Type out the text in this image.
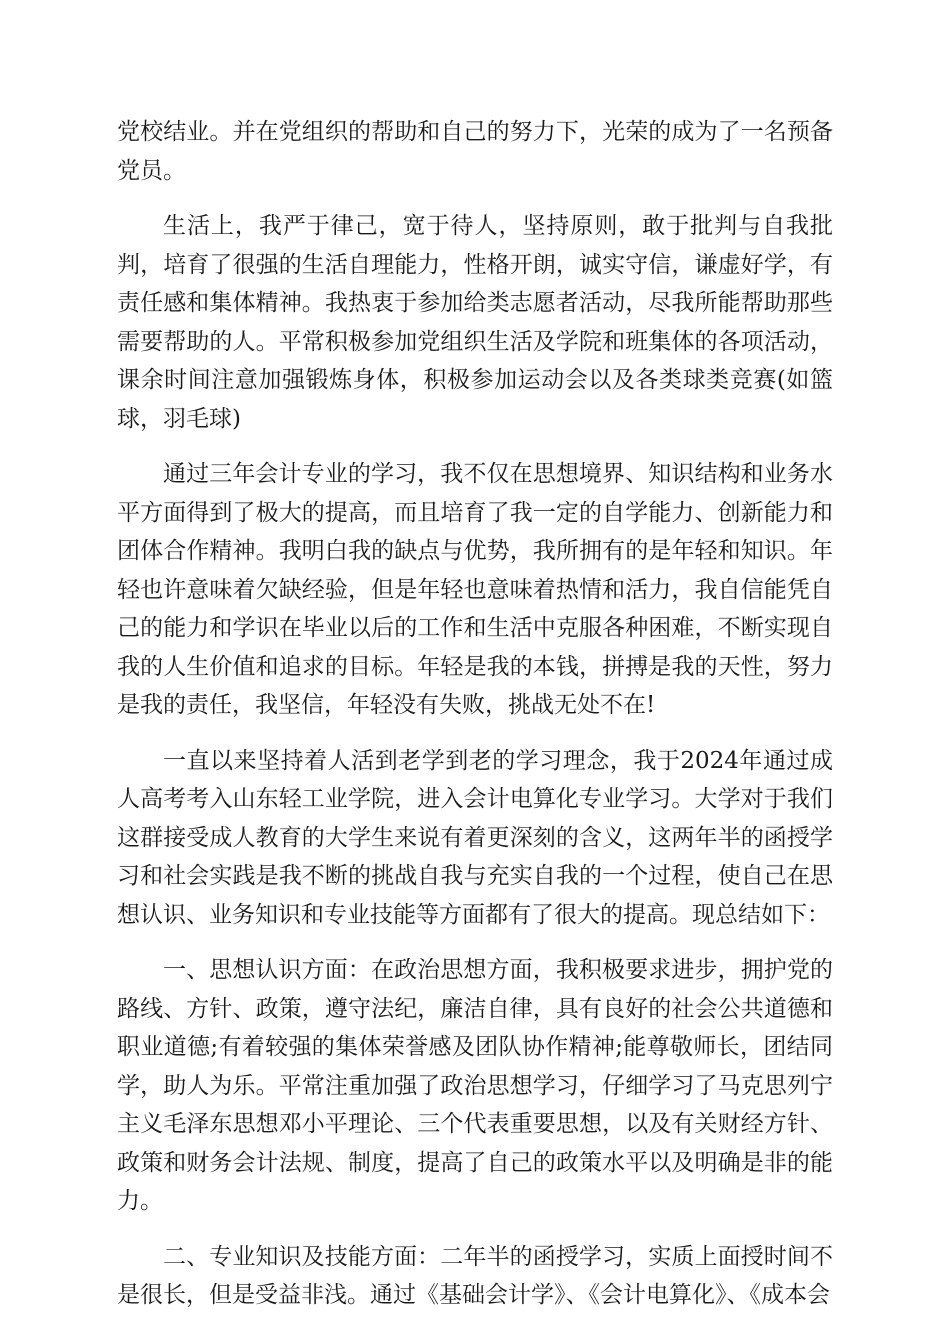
党校结业。并在党组织的帮助和自己的努力下，光荣的成为了一名预备党员。

生活上，我严于律己，宽于待人，坚持原则，敢于批判与自我批判，培育了很强的生活自理能力，性格开朗，诚实守信，谦虚好学，有责任感和集体精神。我热衷于参加给类志愿者活动，尽我所能帮助那些需要帮助的人。平常积极参加党组织生活及学院和班集体的各项活动，课余时间注意加强锻炼身体，积极参加运动会以及各类球类竞赛(如篮球，羽毛球)

通过三年会计专业的学习，我不仅在思想境界、知识结构和业务水平方面得到了极大的提高，而且培育了我一定的自学能力、创新能力和团体合作精神。我明白我的缺点与优势，我所拥有的是年轻和知识。年轻也许意味着欠缺经验，但是年轻也意味着热情和活力，我自信能凭自己的能力和学识在毕业以后的工作和生活中克服各种困难，不断实现自我的人生价值和追求的目标。年轻是我的本钱，拼搏是我的天性，努力是我的责任，我坚信，年轻没有失败，挑战无处不在!

一直以来坚持着人活到老学到老的学习理念，我于2024年通过成人高考考入山东轻工业学院，进入会计电算化专业学习。大学对于我们这群接受成人教育的大学生来说有着更深刻的含义，这两年半的函授学习和社会实践是我不断的挑战自我与充实自我的一个过程，使自己在思想认识、业务知识和专业技能等方面都有了很大的提高。现总结如下：

一、思想认识方面：在政治思想方面，我积极要求进步，拥护党的路线、方针、政策，遵守法纪，廉洁自律，具有良好的社会公共道德和职业道德;有着较强的集体荣誉感及团队协作精神;能尊敬师长，团结同学，助人为乐。平常注重加强了政治思想学习，仔细学习了马克思列宁主义毛泽东思想邓小平理论、三个代表重要思想，以及有关财经方针、政策和财务会计法规、制度，提高了自己的政策水平以及明确是非的能力。

二、专业知识及技能方面：二年半的函授学习，实质上面授时间不是很长，但是受益非浅。通过《基础会计学》、《会计电算化》、《成本会
